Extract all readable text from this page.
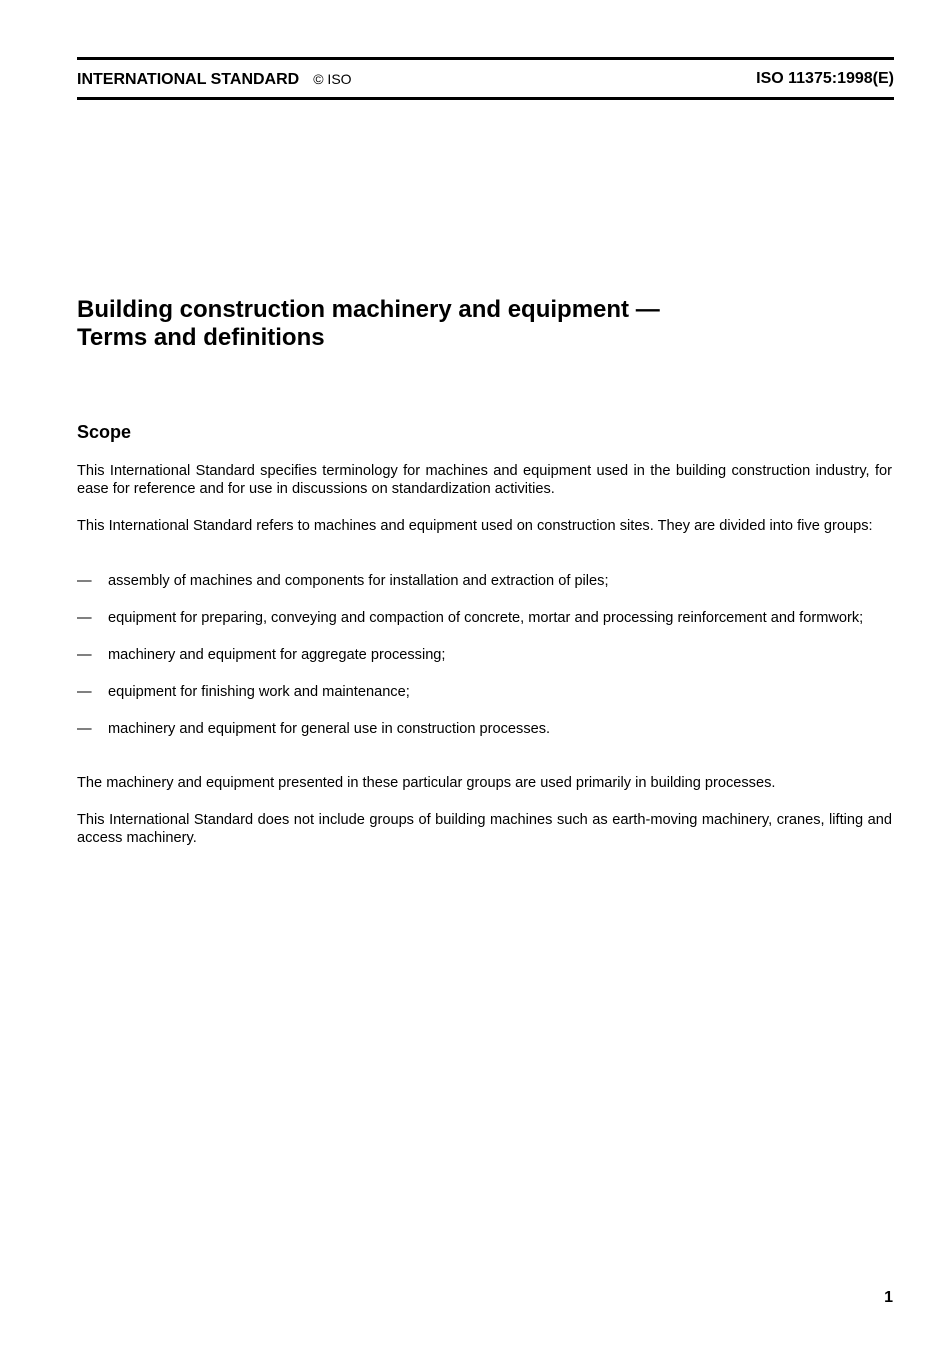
INTERNATIONAL STANDARD © ISO	ISO 11375:1998(E)
Building construction machinery and equipment —
Terms and definitions
Scope

This International Standard specifies terminology for machines and equipment used in the building construction industry, for ease for reference and for use in discussions on standardization activities.

This International Standard refers to machines and equipment used on construction sites. They are divided into five groups:

— assembly of machines and components for installation and extraction of piles;
— equipment for preparing, conveying and compaction of concrete, mortar and processing reinforcement and formwork;
— machinery and equipment for aggregate processing;
— equipment for finishing work and maintenance;
— machinery and equipment for general use in construction processes.

The machinery and equipment presented in these particular groups are used primarily in building processes.

This International Standard does not include groups of building machines such as earth-moving machinery, cranes, lifting and access machinery.

1
